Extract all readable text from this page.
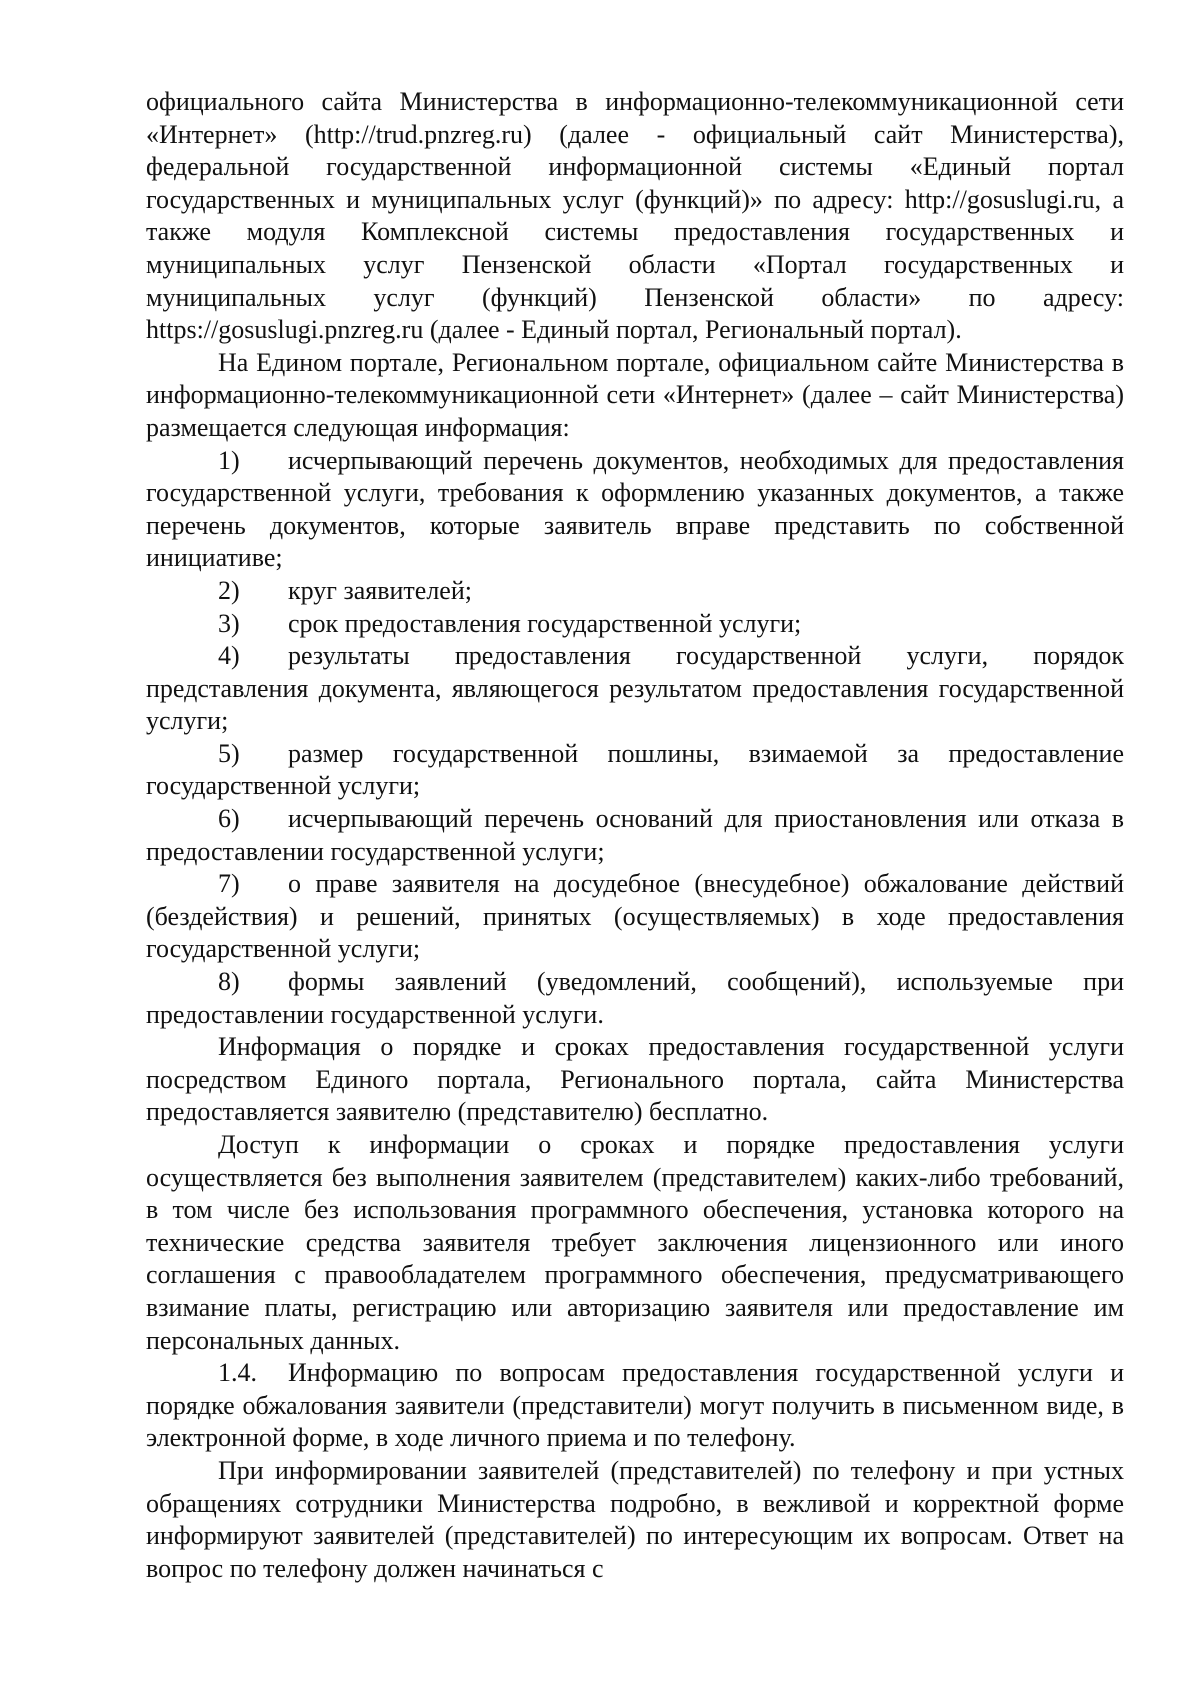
официального сайта Министерства в информационно-телекоммуникационной сети «Интернет» (http://trud.pnzreg.ru) (далее - официальный сайт Министерства), федеральной государственной информационной системы «Единый портал государственных и муниципальных услуг (функций)» по адресу: http://gosuslugi.ru, а также модуля Комплексной системы предоставления государственных и муниципальных услуг Пензенской области «Портал государственных и муниципальных услуг (функций) Пензенской области» по адресу: https://gosuslugi.pnzreg.ru (далее - Единый портал, Региональный портал).

На Едином портале, Региональном портале, официальном сайте Министерства в информационно-телекоммуникационной сети «Интернет» (далее – сайт Министерства) размещается следующая информация:

1) исчерпывающий перечень документов, необходимых для предоставления государственной услуги, требования к оформлению указанных документов, а также перечень документов, которые заявитель вправе представить по собственной инициативе;

2) круг заявителей;

3) срок предоставления государственной услуги;

4) результаты предоставления государственной услуги, порядок представления документа, являющегося результатом предоставления государственной услуги;

5) размер государственной пошлины, взимаемой за предоставление государственной услуги;

6) исчерпывающий перечень оснований для приостановления или отказа в предоставлении государственной услуги;

7) о праве заявителя на досудебное (внесудебное) обжалование действий (бездействия) и решений, принятых (осуществляемых) в ходе предоставления государственной услуги;

8) формы заявлений (уведомлений, сообщений), используемые при предоставлении государственной услуги.

Информация о порядке и сроках предоставления государственной услуги посредством Единого портала, Регионального портала, сайта Министерства предоставляется заявителю (представителю) бесплатно.

Доступ к информации о сроках и порядке предоставления услуги осуществляется без выполнения заявителем (представителем) каких-либо требований, в том числе без использования программного обеспечения, установка которого на технические средства заявителя требует заключения лицензионного или иного соглашения с правообладателем программного обеспечения, предусматривающего взимание платы, регистрацию или авторизацию заявителя или предоставление им персональных данных.

1.4. Информацию по вопросам предоставления государственной услуги и порядке обжалования заявители (представители) могут получить в письменном виде, в электронной форме, в ходе личного приема и по телефону.

При информировании заявителей (представителей) по телефону и при устных обращениях сотрудники Министерства подробно, в вежливой и корректной форме информируют заявителей (представителей) по интересующим их вопросам. Ответ на вопрос по телефону должен начинаться с
